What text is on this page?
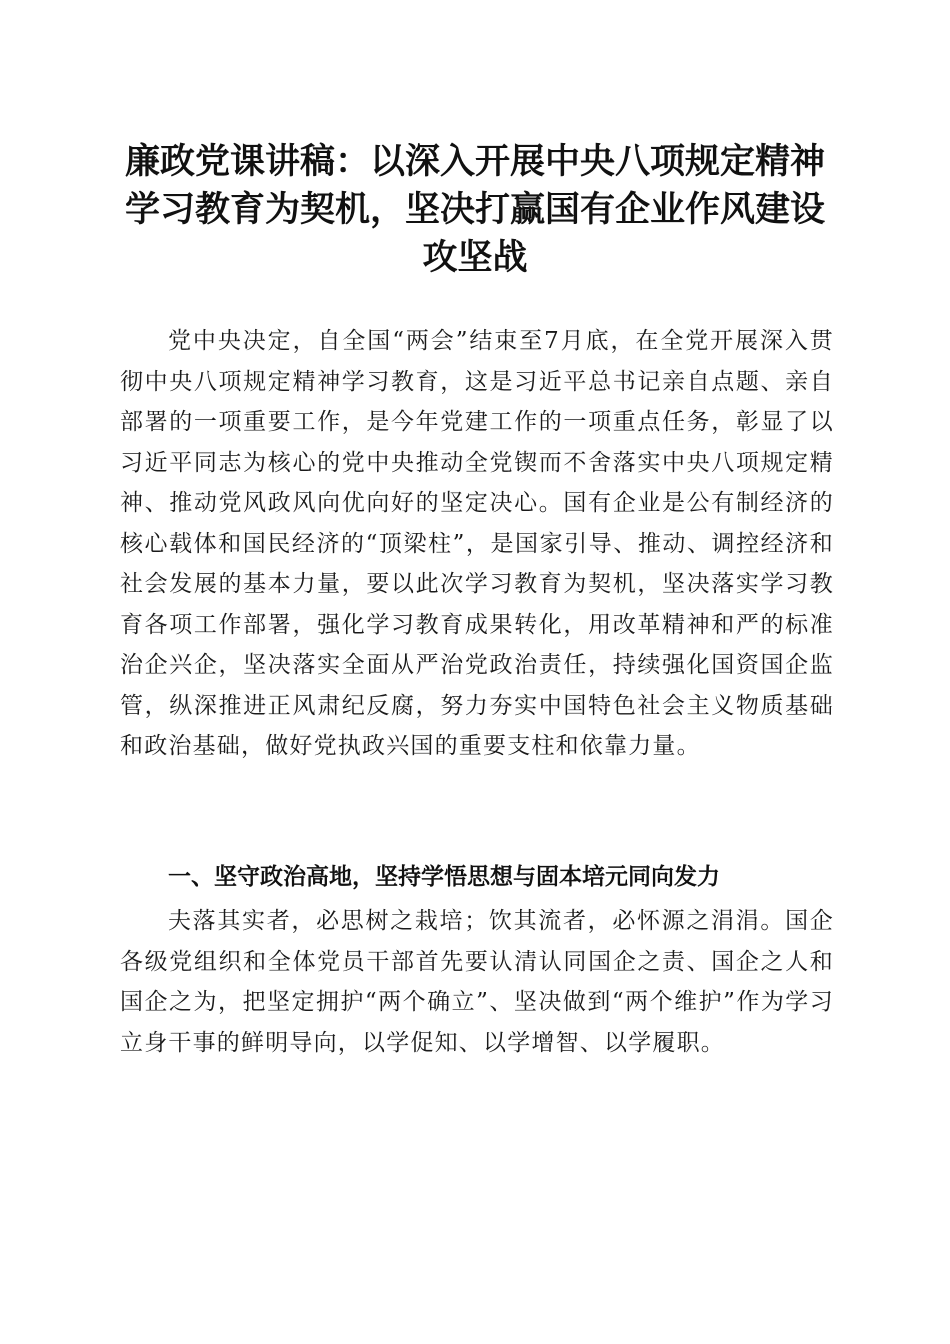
廉政党课讲稿：以深入开展中央八项规定精神学习教育为契机，坚决打赢国有企业作风建设攻坚战

党中央决定，自全国“两会”结束至7月底，在全党开展深入贯彻中央八项规定精神学习教育，这是习近平总书记亲自点题、亲自部署的一项重要工作，是今年党建工作的一项重点任务，彰显了以习近平同志为核心的党中央推动全党锲而不舍落实中央八项规定精神、推动党风政风向优向好的坚定决心。国有企业是公有制经济的核心载体和国民经济的“顶梁柱”，是国家引导、推动、调控经济和社会发展的基本力量，要以此次学习教育为契机，坚决落实学习教育各项工作部署，强化学习教育成果转化，用改革精神和严的标准治企兴企，坚决落实全面从严治党政治责任，持续强化国资国企监管，纵深推进正风肃纪反腐，努力夯实中国特色社会主义物质基础和政治基础，做好党执政兴国的重要支柱和依靠力量。

一、坚守政治高地，坚持学悟思想与固本培元同向发力

夫落其实者，必思树之栽培；饮其流者，必怀源之涓涓。国企各级党组织和全体党员干部首先要认清认同国企之责、国企之人和国企之为，把坚定拥护“两个确立”、坚决做到“两个维护”作为学习立身干事的鲜明导向，以学促知、以学增智、以学履职。
